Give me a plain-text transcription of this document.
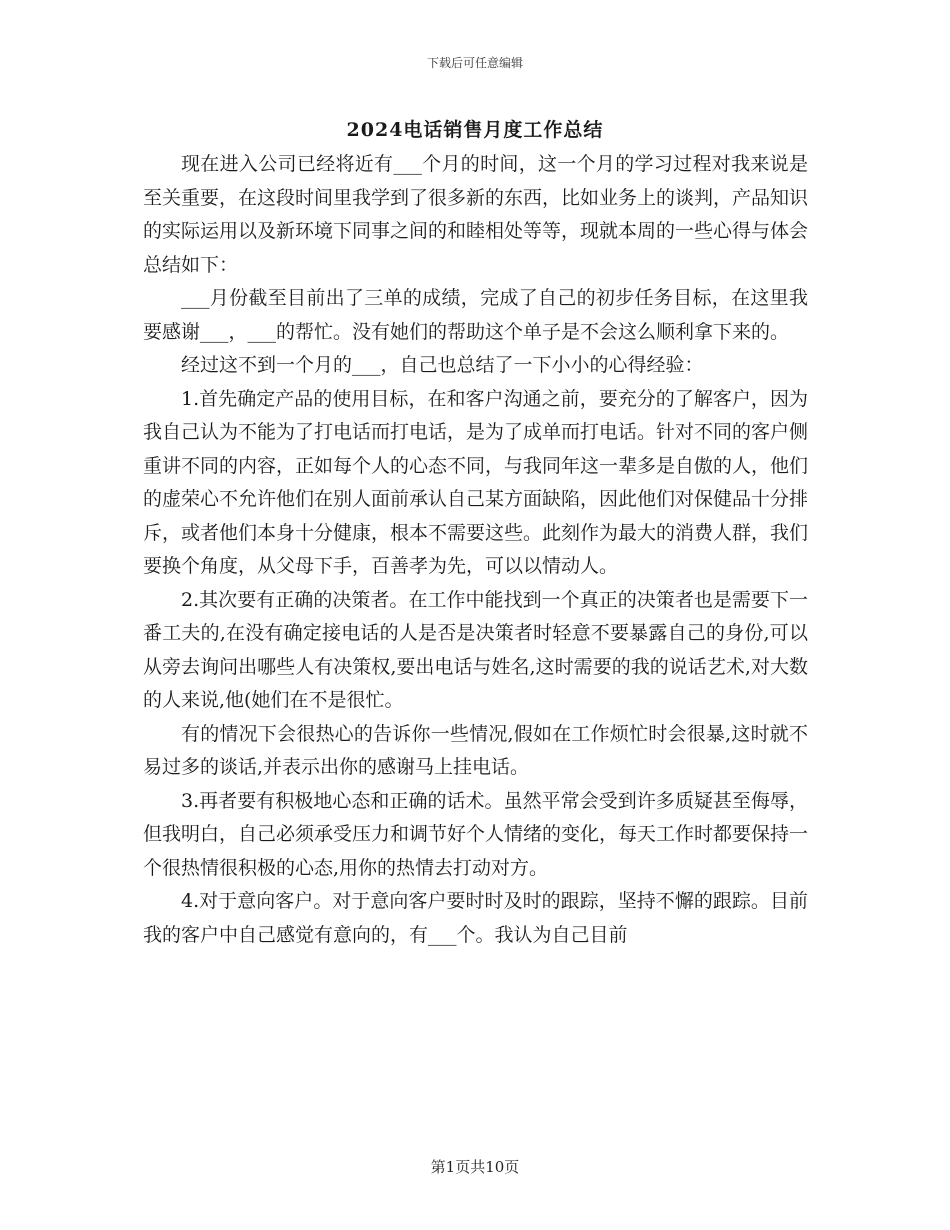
下载后可任意编辑
2024电话销售月度工作总结

现在进入公司已经将近有___个月的时间，这一个月的学习过程对我来说是至关重要，在这段时间里我学到了很多新的东西，比如业务上的谈判，产品知识的实际运用以及新环境下同事之间的和睦相处等等，现就本周的一些心得与体会总结如下：

___月份截至目前出了三单的成绩，完成了自己的初步任务目标，在这里我要感谢___，___的帮忙。没有她们的帮助这个单子是不会这么顺利拿下来的。

经过这不到一个月的___，自己也总结了一下小小的心得经验：

1.首先确定产品的使用目标，在和客户沟通之前，要充分的了解客户，因为我自己认为不能为了打电话而打电话，是为了成单而打电话。针对不同的客户侧重讲不同的内容，正如每个人的心态不同，与我同年这一辈多是自傲的人，他们的虚荣心不允许他们在别人面前承认自己某方面缺陷，因此他们对保健品十分排斥，或者他们本身十分健康，根本不需要这些。此刻作为最大的消费人群，我们要换个角度，从父母下手，百善孝为先，可以以情动人。

2.其次要有正确的决策者。在工作中能找到一个真正的决策者也是需要下一番工夫的,在没有确定接电话的人是否是决策者时轻意不要暴露自己的身份,可以从旁去询问出哪些人有决策权,要出电话与姓名,这时需要的我的说话艺术,对大数的人来说,他(她们在不是很忙。

有的情况下会很热心的告诉你一些情况,假如在工作烦忙时会很暴,这时就不易过多的谈话,并表示出你的感谢马上挂电话。

3.再者要有积极地心态和正确的话术。虽然平常会受到许多质疑甚至侮辱，但我明白，自己必须承受压力和调节好个人情绪的变化，每天工作时都要保持一个很热情很积极的心态,用你的热情去打动对方。

4.对于意向客户。对于意向客户要时时及时的跟踪，坚持不懈的跟踪。目前我的客户中自己感觉有意向的，有___个。我认为自己目前

第1页共10页
